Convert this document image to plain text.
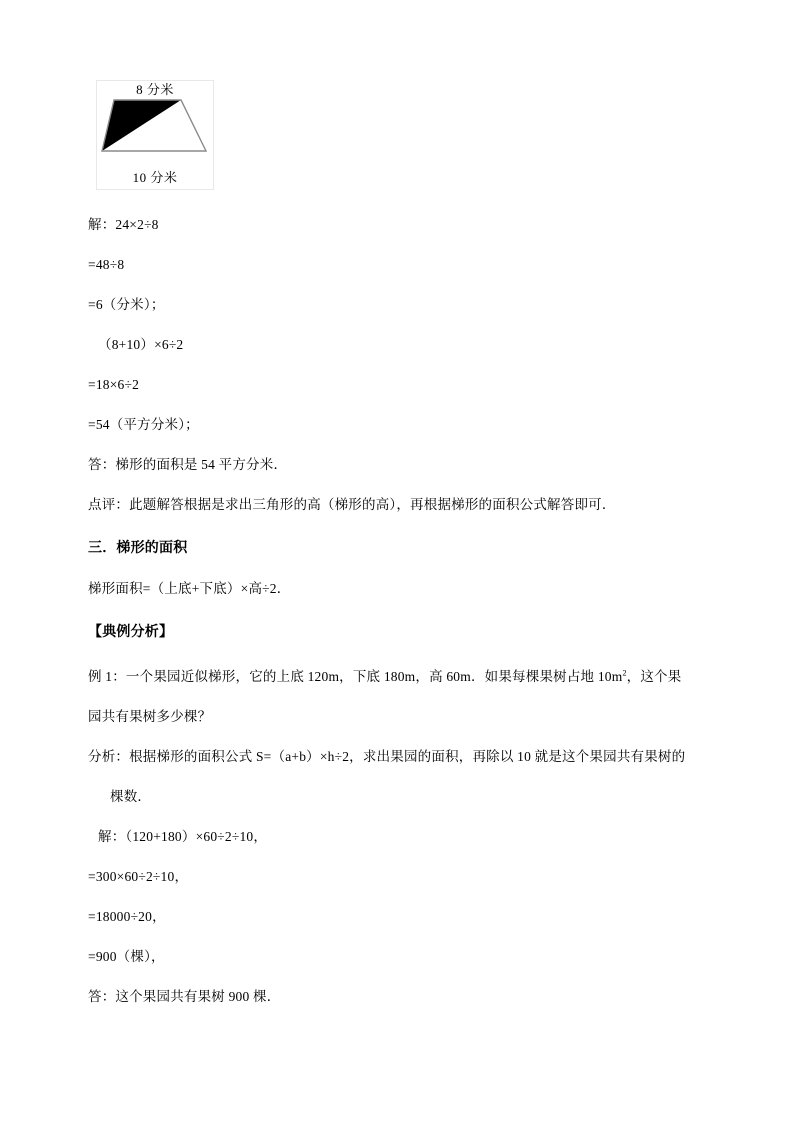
8 分米
10 分米

解：24×2÷8

=48÷8

=6（分米）；

（8+10）×6÷2

=18×6÷2

=54（平方分米）；

答：梯形的面积是 54 平方分米．

点评：此题解答根据是求出三角形的高（梯形的高），再根据梯形的面积公式解答即可．

三．梯形的面积

梯形面积=（上底+下底）×高÷2．

【典例分析】

例 1：一个果园近似梯形，它的上底 120m，下底 180m，高 60m．如果每棵果树占地 $10m^2$，这个果

园共有果树多少棵？

分析：根据梯形的面积公式 S=（a+b）×h÷2，求出果园的面积，再除以 10 就是这个果园共有果树的

棵数．

解：（120+180）×60÷2÷10，

=300×60÷2÷10，

=18000÷20，

=900（棵），

答：这个果园共有果树 900 棵．
